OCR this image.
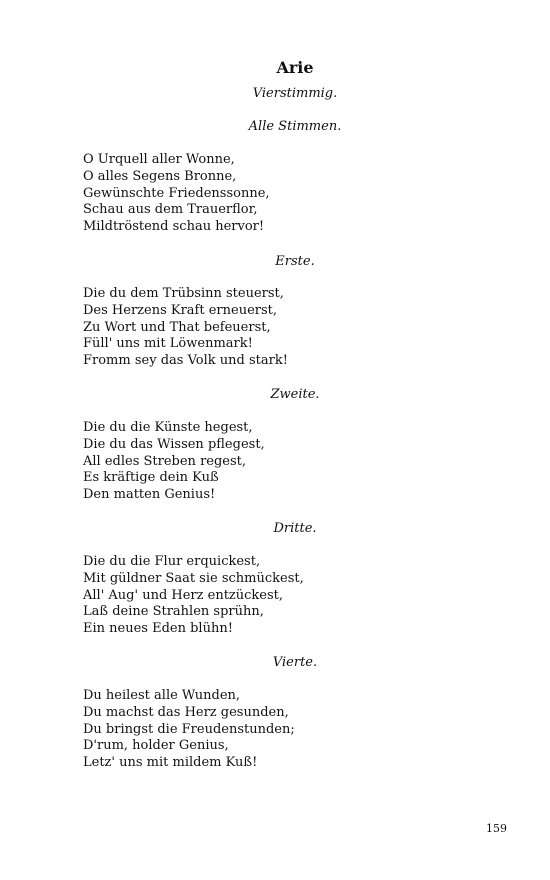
Arie
Vierstimmig.
Alle Stimmen.
O Urquell aller Wonne,
O alles Segens Bronne,
Gewünschte Friedenssonne,
Schau aus dem Trauerflor,
Mildtröstend schau hervor!
Erste.
Die du dem Trübsinn steuerst,
Des Herzens Kraft erneuerst,
Zu Wort und That befeuerst,
Füll' uns mit Löwenmark!
Fromm sey das Volk und stark!
Zweite.
Die du die Künste hegest,
Die du das Wissen pflegest,
All edles Streben regest,
Es kräftige dein Kuß
Den matten Genius!
Dritte.
Die du die Flur erquickest,
Mit güldner Saat sie schmückest,
All' Aug' und Herz entzückest,
Laß deine Strahlen sprühn,
Ein neues Eden blühn!
Vierte.
Du heilest alle Wunden,
Du machst das Herz gesunden,
Du bringst die Freudenstunden;
D'rum, holder Genius,
Letz' uns mit mildem Kuß!
159
